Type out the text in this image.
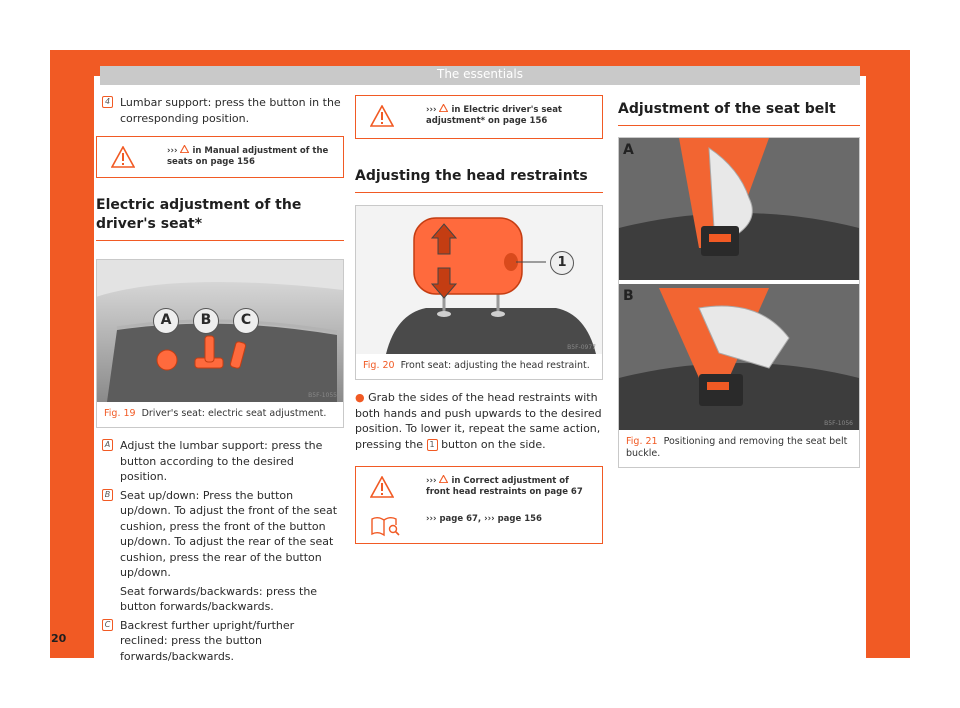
The essentials
20
4 Lumbar support: press the button in the corresponding position.

››› in Manual adjustment of the seats on page 156
Electric adjustment of the driver's seat*
A	B	C
B5F-1055
Fig. 19 Driver's seat: electric seat adjustment.
A Adjust the lumbar support: press the button according to the desired position.

B Seat up/down: Press the button up/down. To adjust the front of the seat cushion, press the front of the button up/down. To adjust the rear of the seat cushion, press the rear of the button up/down.

Seat forwards/backwards: press the button forwards/backwards.

C Backrest further upright/further reclined: press the button forwards/backwards.

››› in Electric driver's seat adjustment* on page 156
Adjusting the head restraints
1
B5F-0977
Fig. 20 Front seat: adjusting the head restraint.
● Grab the sides of the head restraints with both hands and push upwards to the desired position. To lower it, repeat the same action, pressing the 1 button on the side.
››› in Correct adjustment of front head restraints on page 67
››› page 67, ››› page 156
Adjustment of the seat belt
A
B
B5F-1056
Fig. 21 Positioning and removing the seat belt buckle.
